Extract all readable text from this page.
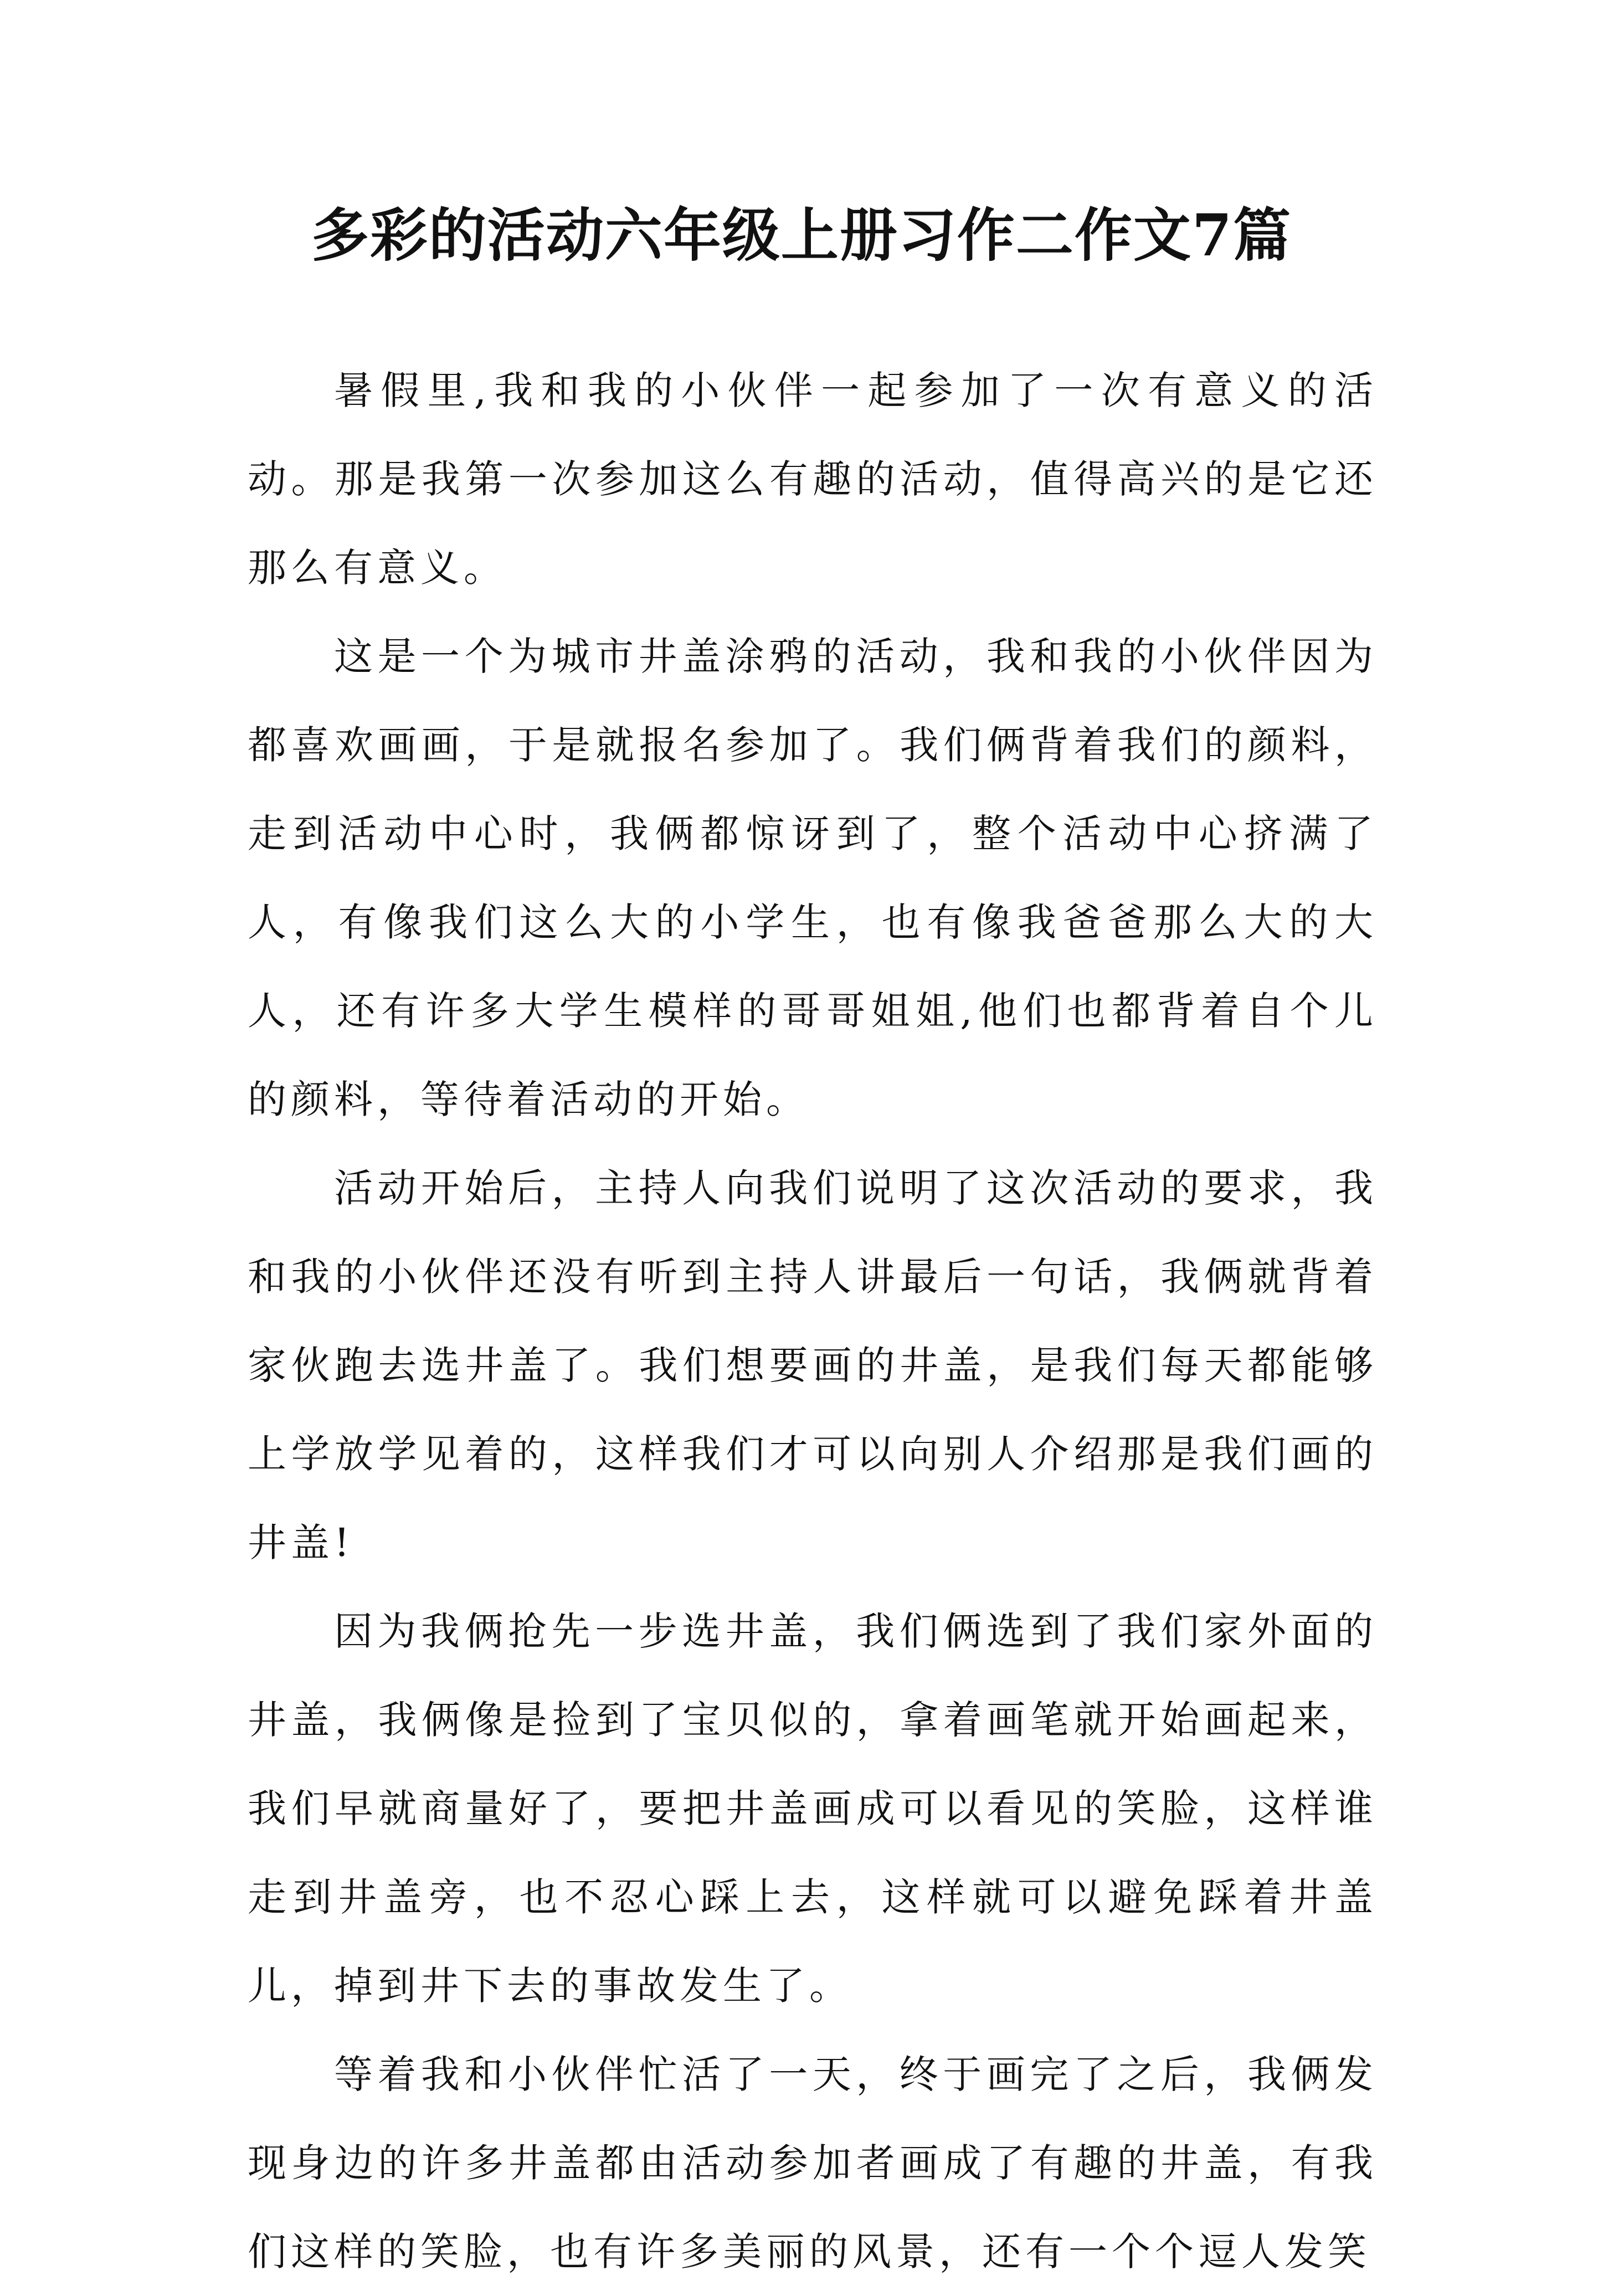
多彩的活动六年级上册习作二作文7篇

暑假里,我和我的小伙伴一起参加了一次有意义的活动。那是我第一次参加这么有趣的活动，值得高兴的是它还那么有意义。

这是一个为城市井盖涂鸦的活动，我和我的小伙伴因为都喜欢画画，于是就报名参加了。我们俩背着我们的颜料，走到活动中心时，我俩都惊讶到了，整个活动中心挤满了人，有像我们这么大的小学生，也有像我爸爸那么大的大人，还有许多大学生模样的哥哥姐姐,他们也都背着自个儿的颜料，等待着活动的开始。

活动开始后，主持人向我们说明了这次活动的要求，我和我的小伙伴还没有听到主持人讲最后一句话，我俩就背着家伙跑去选井盖了。我们想要画的井盖，是我们每天都能够上学放学见着的，这样我们才可以向别人介绍那是我们画的井盖!

因为我俩抢先一步选井盖，我们俩选到了我们家外面的井盖，我俩像是捡到了宝贝似的，拿着画笔就开始画起来，我们早就商量好了，要把井盖画成可以看见的笑脸，这样谁走到井盖旁，也不忍心踩上去，这样就可以避免踩着井盖儿，掉到井下去的事故发生了。

等着我和小伙伴忙活了一天，终于画完了之后，我俩发现身边的许多井盖都由活动参加者画成了有趣的井盖，有我们这样的笑脸，也有许多美丽的风景，还有一个个逗人发笑
